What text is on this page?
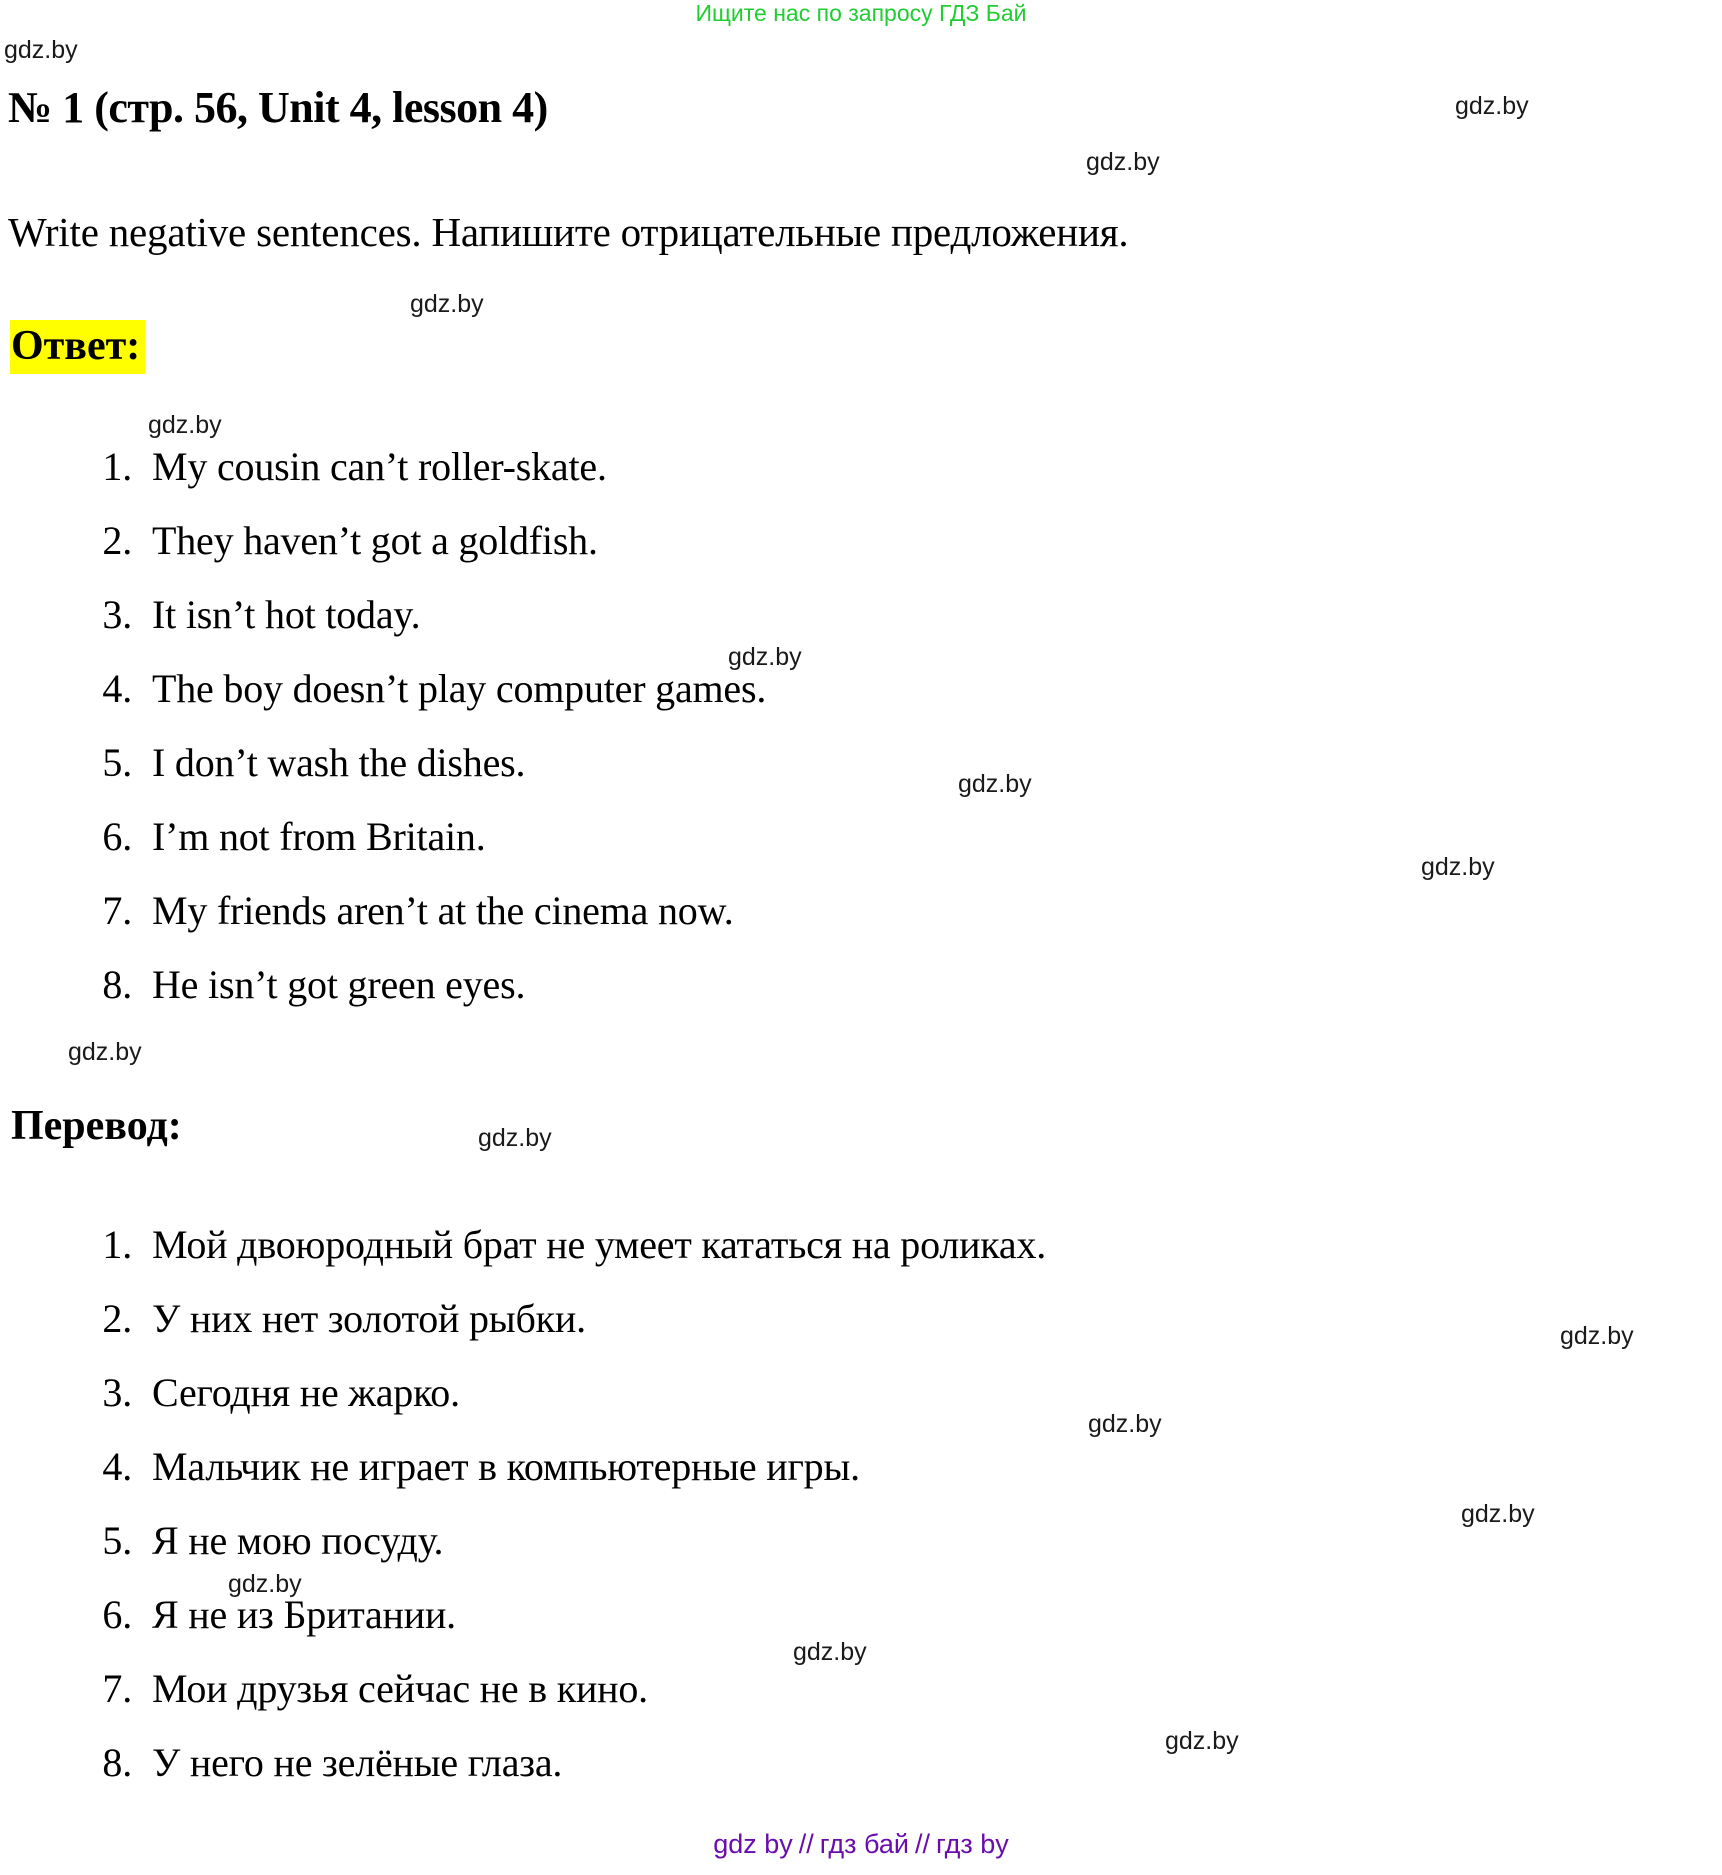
Ищите нас по запросу ГДЗ Бай
№ 1 (стр. 56, Unit 4, lesson 4)
Write negative sentences. Напишите отрицательные предложения.
Ответ:
1. My cousin can’t roller-skate.
2. They haven’t got a goldfish.
3. It isn’t hot today.
4. The boy doesn’t play computer games.
5. I don’t wash the dishes.
6. I’m not from Britain.
7. My friends aren’t at the cinema now.
8. He isn’t got green eyes.
Перевод:
1. Мой двоюродный брат не умеет кататься на роликах.
2. У них нет золотой рыбки.
3. Сегодня не жарко.
4. Мальчик не играет в компьютерные игры.
5. Я не мою посуду.
6. Я не из Британии.
7. Мои друзья сейчас не в кино.
8. У него не зелёные глаза.
gdz.by
gdz.by
gdz.by
gdz.by
gdz.by
gdz.by
gdz.by
gdz.by
gdz.by
gdz.by
gdz.by
gdz.by
gdz.by
gdz.by
gdz.by
gdz.by
gdz by // гдз бай // гдз by
